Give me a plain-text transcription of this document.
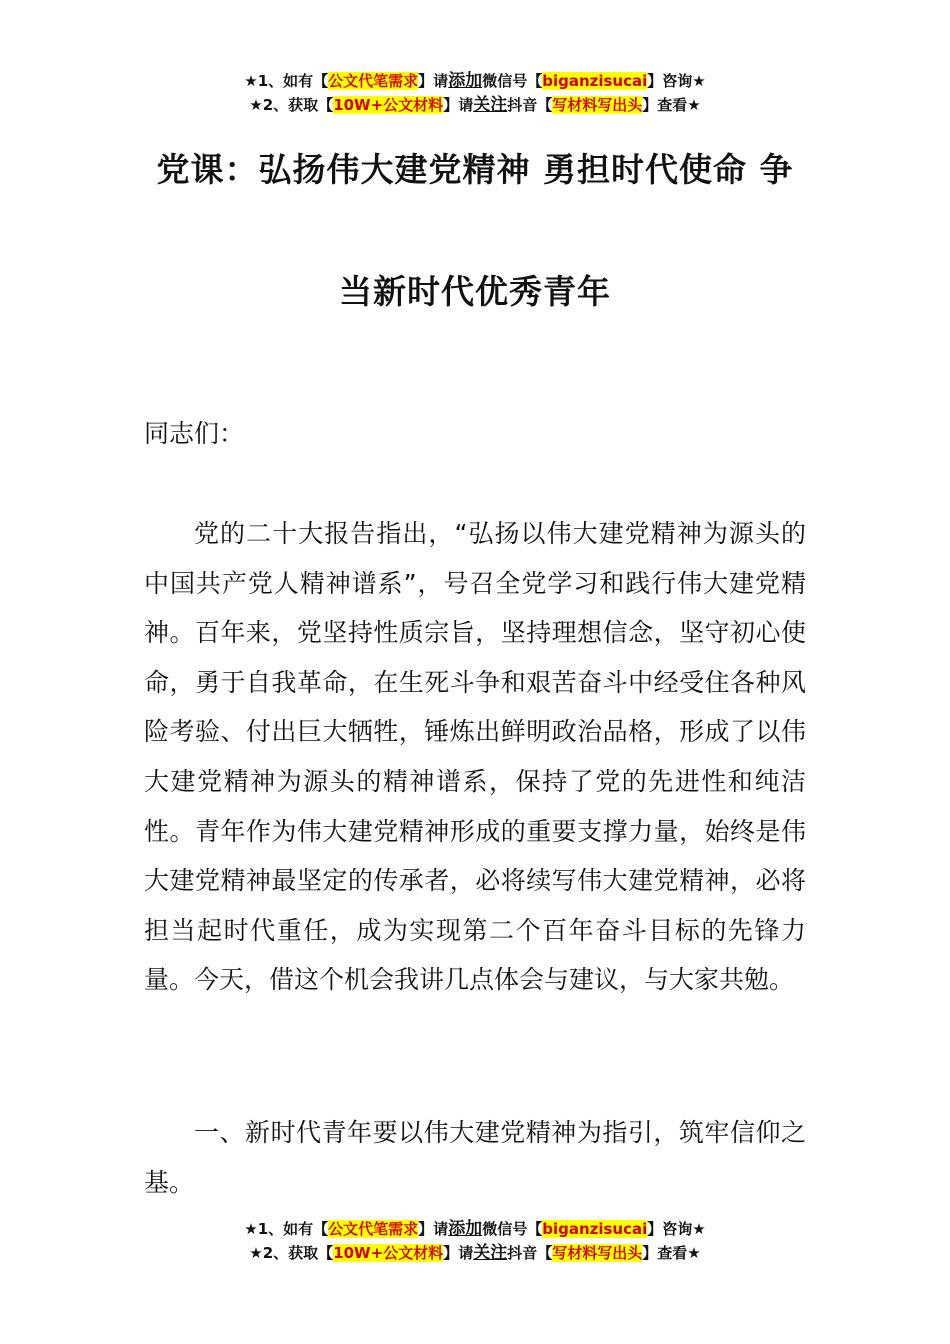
★1、如有【公文代笔需求】请添加微信号【biganzisucai】咨询★
★2、获取【10W+公文材料】请关注抖音【写材料写出头】查看★
党课：弘扬伟大建党精神 勇担时代使命 争
当新时代优秀青年
同志们：

党的二十大报告指出，“弘扬以伟大建党精神为源头的中国共产党人精神谱系”，号召全党学习和践行伟大建党精神。百年来，党坚持性质宗旨，坚持理想信念，坚守初心使命，勇于自我革命，在生死斗争和艰苦奋斗中经受住各种风险考验、付出巨大牺牲，锤炼出鲜明政治品格，形成了以伟大建党精神为源头的精神谱系，保持了党的先进性和纯洁性。青年作为伟大建党精神形成的重要支撑力量，始终是伟大建党精神最坚定的传承者，必将续写伟大建党精神，必将担当起时代重任，成为实现第二个百年奋斗目标的先锋力量。今天，借这个机会我讲几点体会与建议，与大家共勉。

一、新时代青年要以伟大建党精神为指引，筑牢信仰之基。

★1、如有【公文代笔需求】请添加微信号【biganzisucai】咨询★
★2、获取【10W+公文材料】请关注抖音【写材料写出头】查看★
